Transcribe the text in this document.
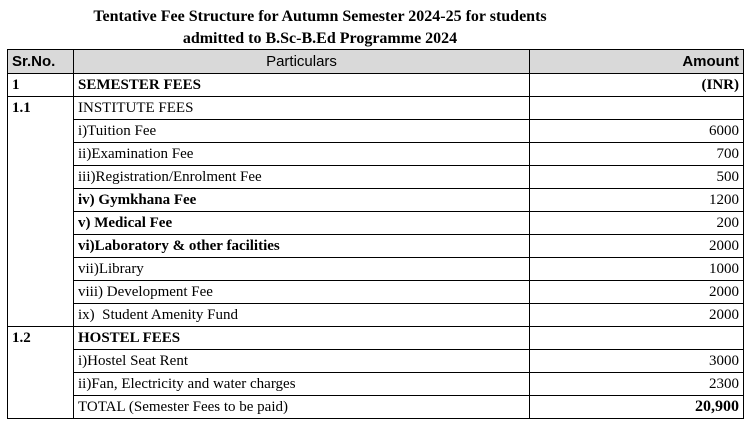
Tentative Fee Structure for Autumn Semester 2024-25 for students
admitted to B.Sc-B.Ed Programme 2024
Sr.No.	Particulars	Amount
1	SEMESTER FEES	(INR)
1.1	INSTITUTE FEES	
	i)Tuition Fee	6000
	ii)Examination Fee	700
	iii)Registration/Enrolment Fee	500
	iv) Gymkhana Fee	1200
	v) Medical Fee	200
	vi)Laboratory & other facilities	2000
	vii)Library	1000
	viii) Development Fee	2000
	ix)  Student Amenity Fund	2000
1.2	HOSTEL FEES	
	i)Hostel Seat Rent	3000
	ii)Fan, Electricity and water charges	2300
	TOTAL (Semester Fees to be paid)	20,900
